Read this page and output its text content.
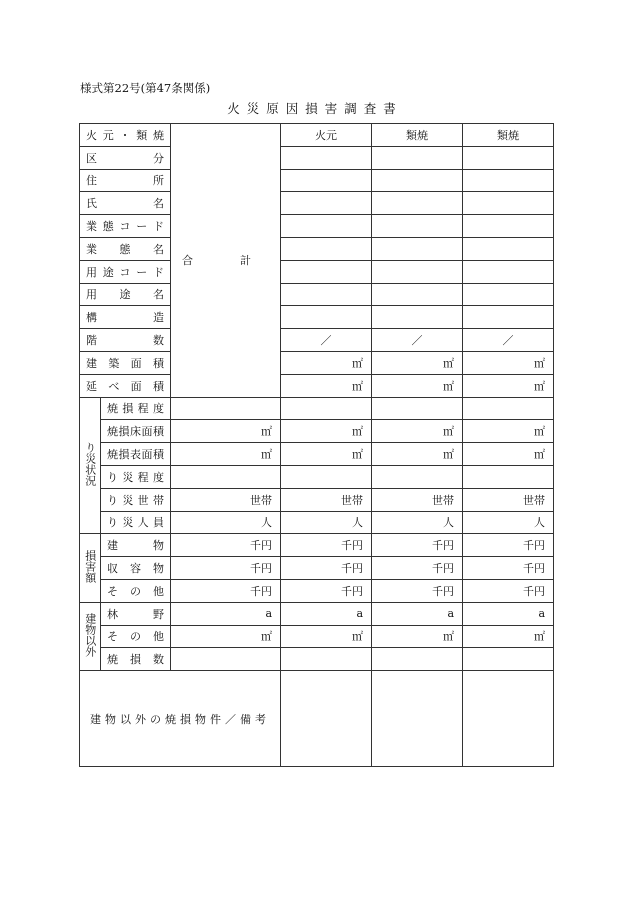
様式第22号(第47条関係)
火災原因損害調査書
火元・類焼		合　計	火元	類焼	類焼
区　分					
住　所					
氏　名					
業態コード					
業　態　名					
用途コード					
用　途　名					
構　造					
階　数			／	／	／
建築面積			㎡	㎡	㎡
延べ面積			㎡	㎡	㎡
り災状況	焼損程度				
	焼損床面積	㎡	㎡	㎡	㎡
	焼損表面積	㎡	㎡	㎡	㎡
	り災程度				
	り災世帯	世帯	世帯	世帯	世帯
	り災人員	人	人	人	人
損害額	建　物	千円	千円	千円	千円
	収容物	千円	千円	千円	千円
	その他	千円	千円	千円	千円
建物以外	林　野	a	a	a	a
	その他	㎡	㎡	㎡	㎡
	焼損数				
建物以外の焼損物件／備考					
